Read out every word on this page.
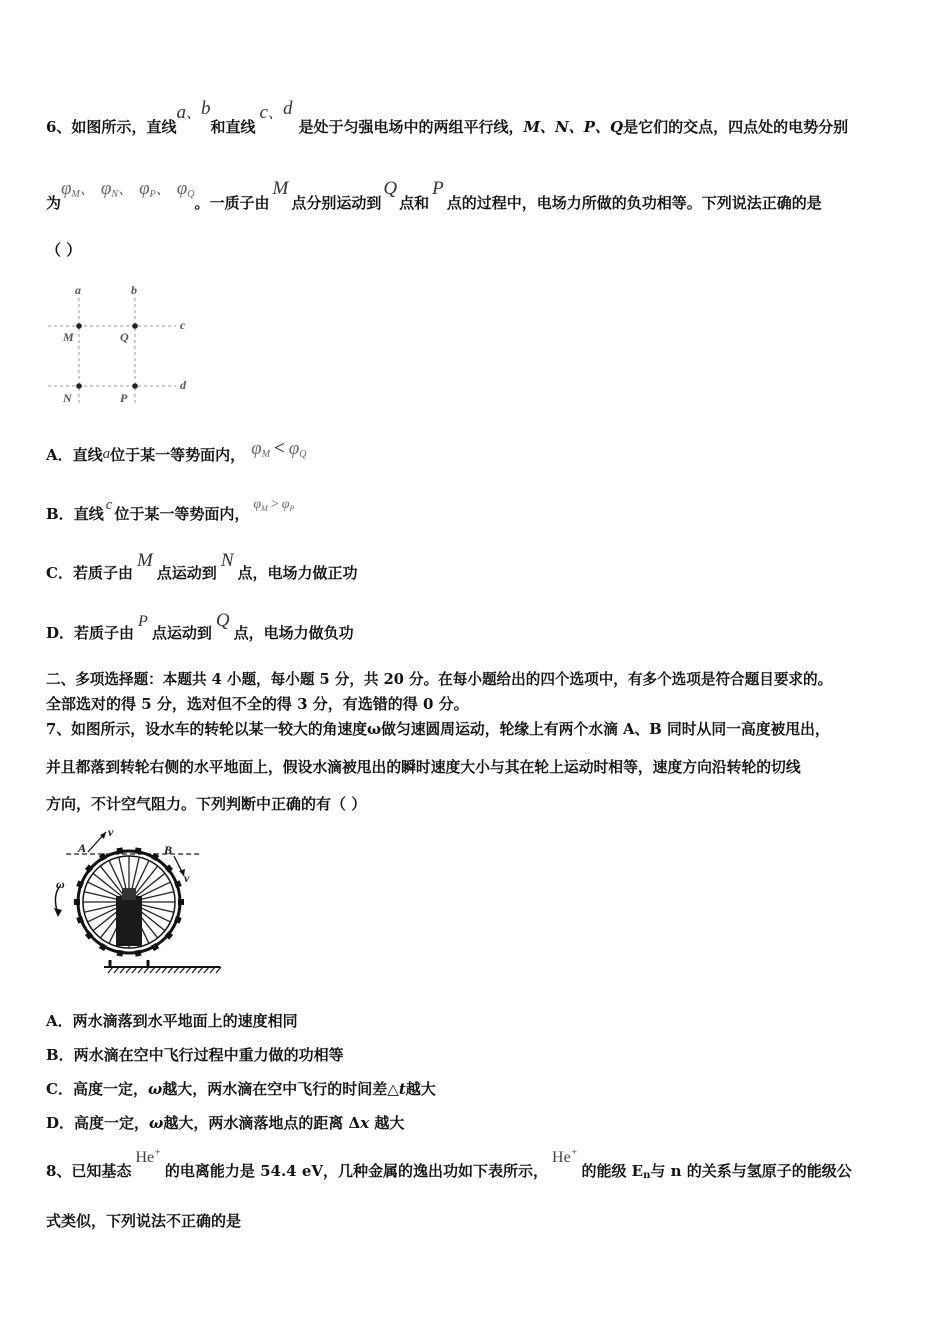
6、如图所示，直线a、b和直线c、d是处于匀强电场中的两组平行线，M、N、P、Q是它们的交点，四点处的电势分别
为$\varphi_M$、 $\varphi_N$、 $\varphi_P$、 $\varphi_Q$。一质子由M点分别运动到Q点和P点的过程中，电场力所做的负功相等。下列说法正确的是
（ ）
a	b
c
d
M	Q
N	P
A．直线a位于某一等势面内， $\varphi_M < \varphi_Q$
B．直线 c 位于某一等势面内，$\varphi_M > \varphi_P$
C．若质子由M点运动到N点，电场力做正功
D．若质子由P点运动到Q点，电场力做负功
二、多项选择题：本题共 4 小题，每小题 5 分，共 20 分。在每小题给出的四个选项中，有多个选项是符合题目要求的。
全部选对的得 5 分，选对但不全的得 3 分，有选错的得 0 分。
7、如图所示，设水车的转轮以某一较大的角速度ω做匀速圆周运动，轮缘上有两个水滴 A、B 同时从同一高度被甩出，
并且都落到转轮右侧的水平地面上，假设水滴被甩出的瞬时速度大小与其在轮上运动时相等，速度方向沿转轮的切线
方向，不计空气阻力。下列判断中正确的有（ ）
A
v
B
v
ω
A．两水滴落到水平地面上的速度相同
B．两水滴在空中飞行过程中重力做的功相等
C．高度一定，ω越大，两水滴在空中飞行的时间差△t越大
D．高度一定，ω越大，两水滴落地点的距离 Δx 越大
8、已知基态He+的电离能力是 54.4 eV，几种金属的逸出功如下表所示，He+的能级 En与 n 的关系与氢原子的能级公
式类似，下列说法不正确的是
